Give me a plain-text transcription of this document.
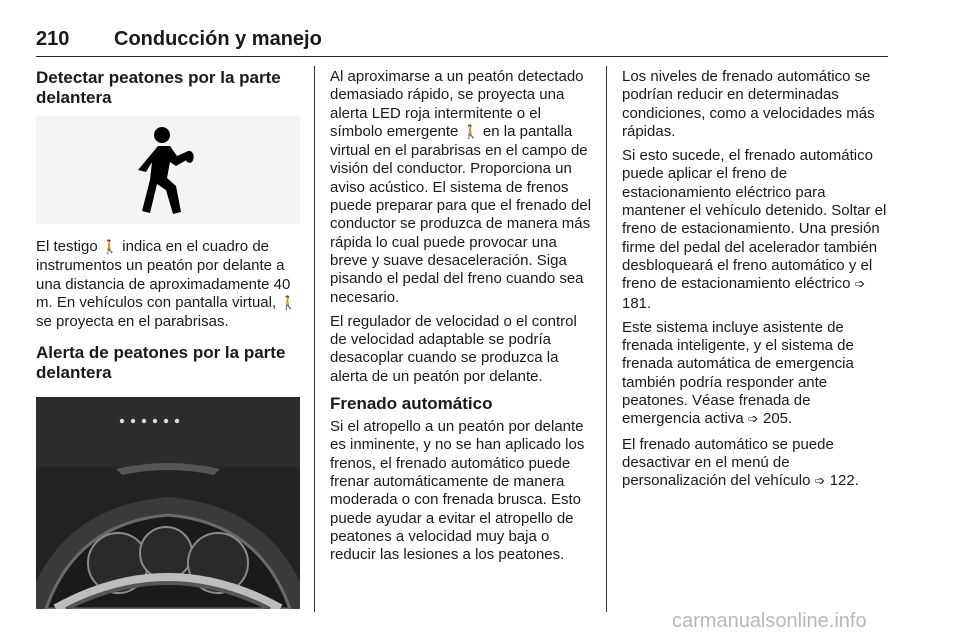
210 Conducción y manejo
Detectar peatones por la parte delantera

El testigo 🚶 indica en el cuadro de instrumentos un peatón por delante a una distancia de aproximadamente 40 m. En vehículos con pantalla virtual, 🚶 se proyecta en el parabrisas.

Alerta de peatones por la parte delantera

Al aproximarse a un peatón detectado demasiado rápido, se proyecta una alerta LED roja intermitente o el símbolo emergente 🚶 en la pantalla virtual en el parabrisas en el campo de visión del conductor. Proporciona un aviso acústico. El sistema de frenos puede preparar para que el frenado del conductor se produzca de manera más rápida lo cual puede provocar una breve y suave desaceleración. Siga pisando el pedal del freno cuando sea necesario.

El regulador de velocidad o el control de velocidad adaptable se podría desacoplar cuando se produzca la alerta de un peatón por delante.

Frenado automático

Si el atropello a un peatón por delante es inminente, y no se han aplicado los frenos, el frenado automático puede frenar automáticamente de manera moderada o con frenada brusca. Esto puede ayudar a evitar el atropello de peatones a velocidad muy baja o reducir las lesiones a los peatones.

Los niveles de frenado automático se podrían reducir en determinadas condiciones, como a velocidades más rápidas.

Si esto sucede, el frenado automático puede aplicar el freno de estacionamiento eléctrico para mantener el vehículo detenido. Soltar el freno de estacionamiento. Una presión firme del pedal del acelerador también desbloqueará el freno automático y el freno de estacionamiento eléctrico ➩ 181.

Este sistema incluye asistente de frenada inteligente, y el sistema de frenada automática de emergencia también podría responder ante peatones. Véase frenada de emergencia activa ➩ 205.

El frenado automático se puede desactivar en el menú de personalización del vehículo ➩ 122.

carmanualsonline.info
